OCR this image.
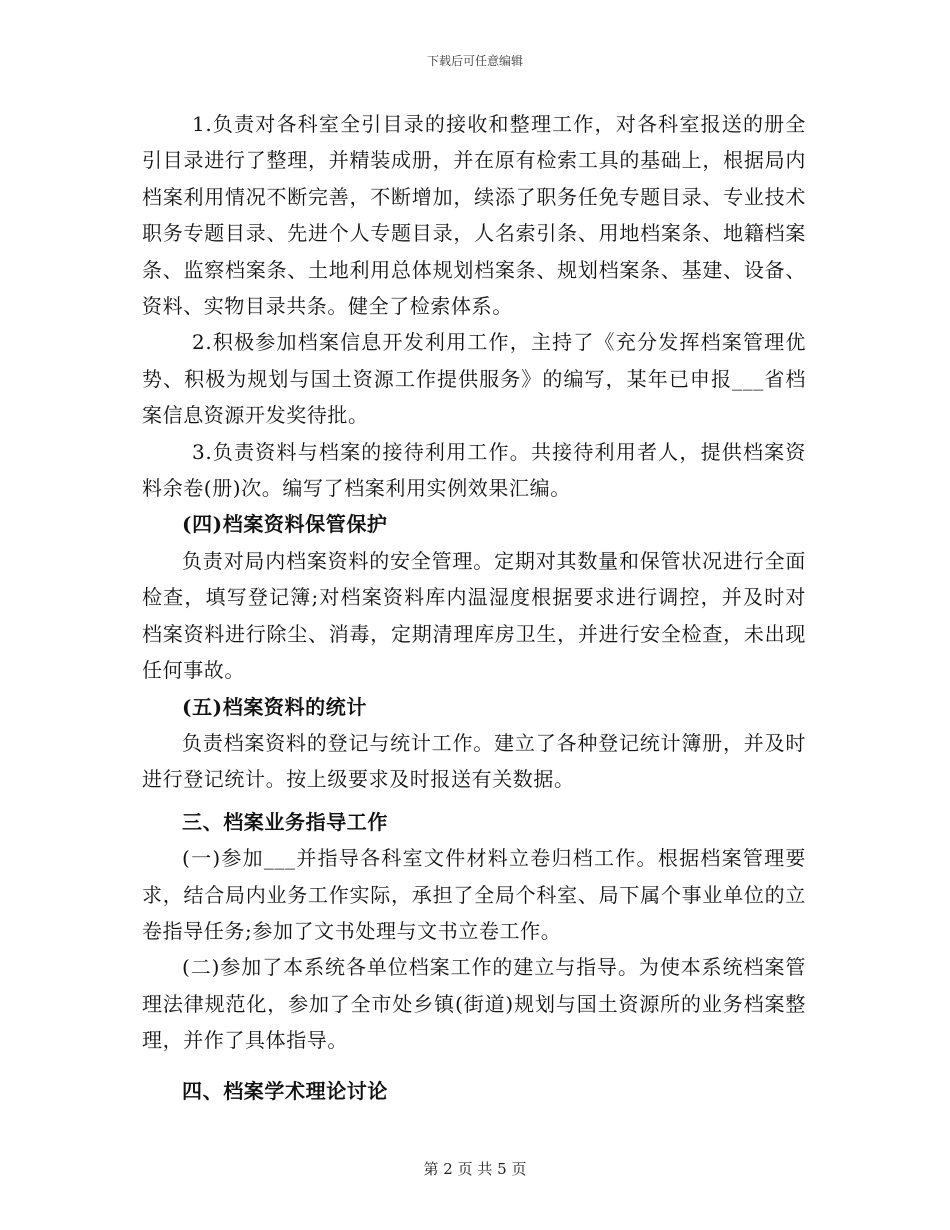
下载后可任意编辑

1.负责对各科室全引目录的接收和整理工作，对各科室报送的册全引目录进行了整理，并精装成册，并在原有检索工具的基础上，根据局内档案利用情况不断完善，不断增加，续添了职务任免专题目录、专业技术职务专题目录、先进个人专题目录，人名索引条、用地档案条、地籍档案条、监察档案条、土地利用总体规划档案条、规划档案条、基建、设备、资料、实物目录共条。健全了检索体系。

2.积极参加档案信息开发利用工作，主持了《充分发挥档案管理优势、积极为规划与国土资源工作提供服务》的编写，某年已申报___省档案信息资源开发奖待批。

3.负责资料与档案的接待利用工作。共接待利用者人，提供档案资料余卷(册)次。编写了档案利用实例效果汇编。

(四)档案资料保管保护

负责对局内档案资料的安全管理。定期对其数量和保管状况进行全面检查，填写登记簿;对档案资料库内温湿度根据要求进行调控，并及时对档案资料进行除尘、消毒，定期清理库房卫生，并进行安全检查，未出现任何事故。

(五)档案资料的统计

负责档案资料的登记与统计工作。建立了各种登记统计簿册，并及时进行登记统计。按上级要求及时报送有关数据。

三、档案业务指导工作

(一)参加___并指导各科室文件材料立卷归档工作。根据档案管理要求，结合局内业务工作实际，承担了全局个科室、局下属个事业单位的立卷指导任务;参加了文书处理与文书立卷工作。

(二)参加了本系统各单位档案工作的建立与指导。为使本系统档案管理法律规范化，参加了全市处乡镇(街道)规划与国土资源所的业务档案整理，并作了具体指导。

四、档案学术理论讨论

第 2 页 共 5 页
